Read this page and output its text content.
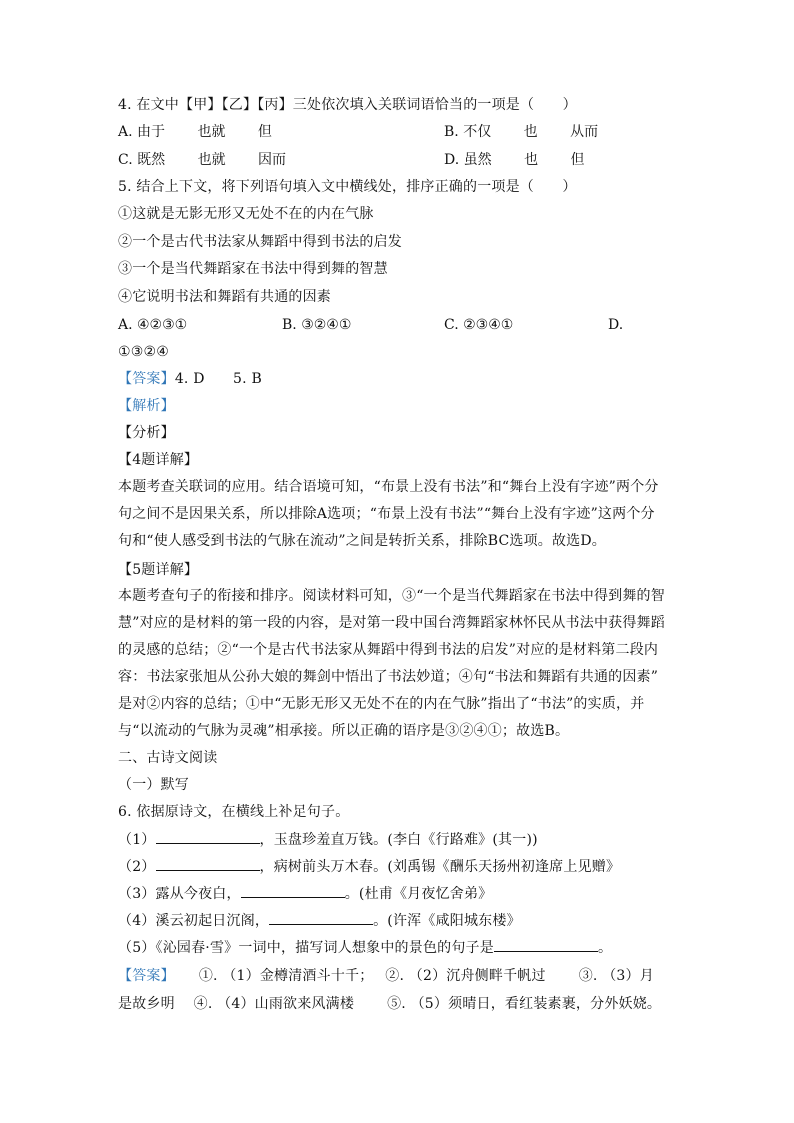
4. 在文中【甲】【乙】【丙】三处依次填入关联词语恰当的一项是（　　）
A. 由于　　 也就　　 但	B. 不仅　　 也　　 从而
C. 既然　　 也就　　 因而	D. 虽然　　 也　　 但
5. 结合上下文，将下列语句填入文中横线处，排序正确的一项是（　　）
①这就是无影无形又无处不在的内在气脉
②一个是古代书法家从舞蹈中得到书法的启发
③一个是当代舞蹈家在书法中得到舞的智慧
④它说明书法和舞蹈有共通的因素
A. ④②③①	B. ③②④①	C. ②③④①	D.
①③②④
【答案】4. D　　5. B
【解析】
【分析】
【4题详解】
本题考查关联词的应用。结合语境可知，“布景上没有书法”和“舞台上没有字迹”两个分
句之间不是因果关系，所以排除A选项；“布景上没有书法”“舞台上没有字迹”这两个分
句和“使人感受到书法的气脉在流动”之间是转折关系，排除BC选项。故选D。
【5题详解】
本题考查句子的衔接和排序。阅读材料可知，③“一个是当代舞蹈家在书法中得到舞的智
慧”对应的是材料的第一段的内容，是对第一段中国台湾舞蹈家林怀民从书法中获得舞蹈
的灵感的总结；②“一个是古代书法家从舞蹈中得到书法的启发”对应的是材料第二段内
容：书法家张旭从公孙大娘的舞剑中悟出了书法妙道；④句“书法和舞蹈有共通的因素”
是对②内容的总结；①中“无影无形又无处不在的内在气脉”指出了“书法”的实质，并
与“以流动的气脉为灵魂”相承接。所以正确的语序是③②④①；故选B。
二、古诗文阅读
（一）默写
6. 依据原诗文，在横线上补足句子。
（1）	，玉盘珍羞直万钱。(李白《行路难》(其一))
（2）	，病树前头万木春。(刘禹锡《酬乐天扬州初逢席上见赠》
（3）露从今夜白，	。(杜甫《月夜忆舍弟》
（4）溪云初起日沉阁，	。(许浑《咸阳城东楼》
（5）《沁园春·雪》一词中，描写词人想象中的景色的句子是	。
【答案】 ①. （1）金樽清酒斗十千；　 ②. （2）沉舟侧畔千帆过　　 ③. （3）月
是故乡明　 ④. （4）山雨欲来风满楼　　 ⑤. （5）须晴日，看红装素裹，分外妖娆。
